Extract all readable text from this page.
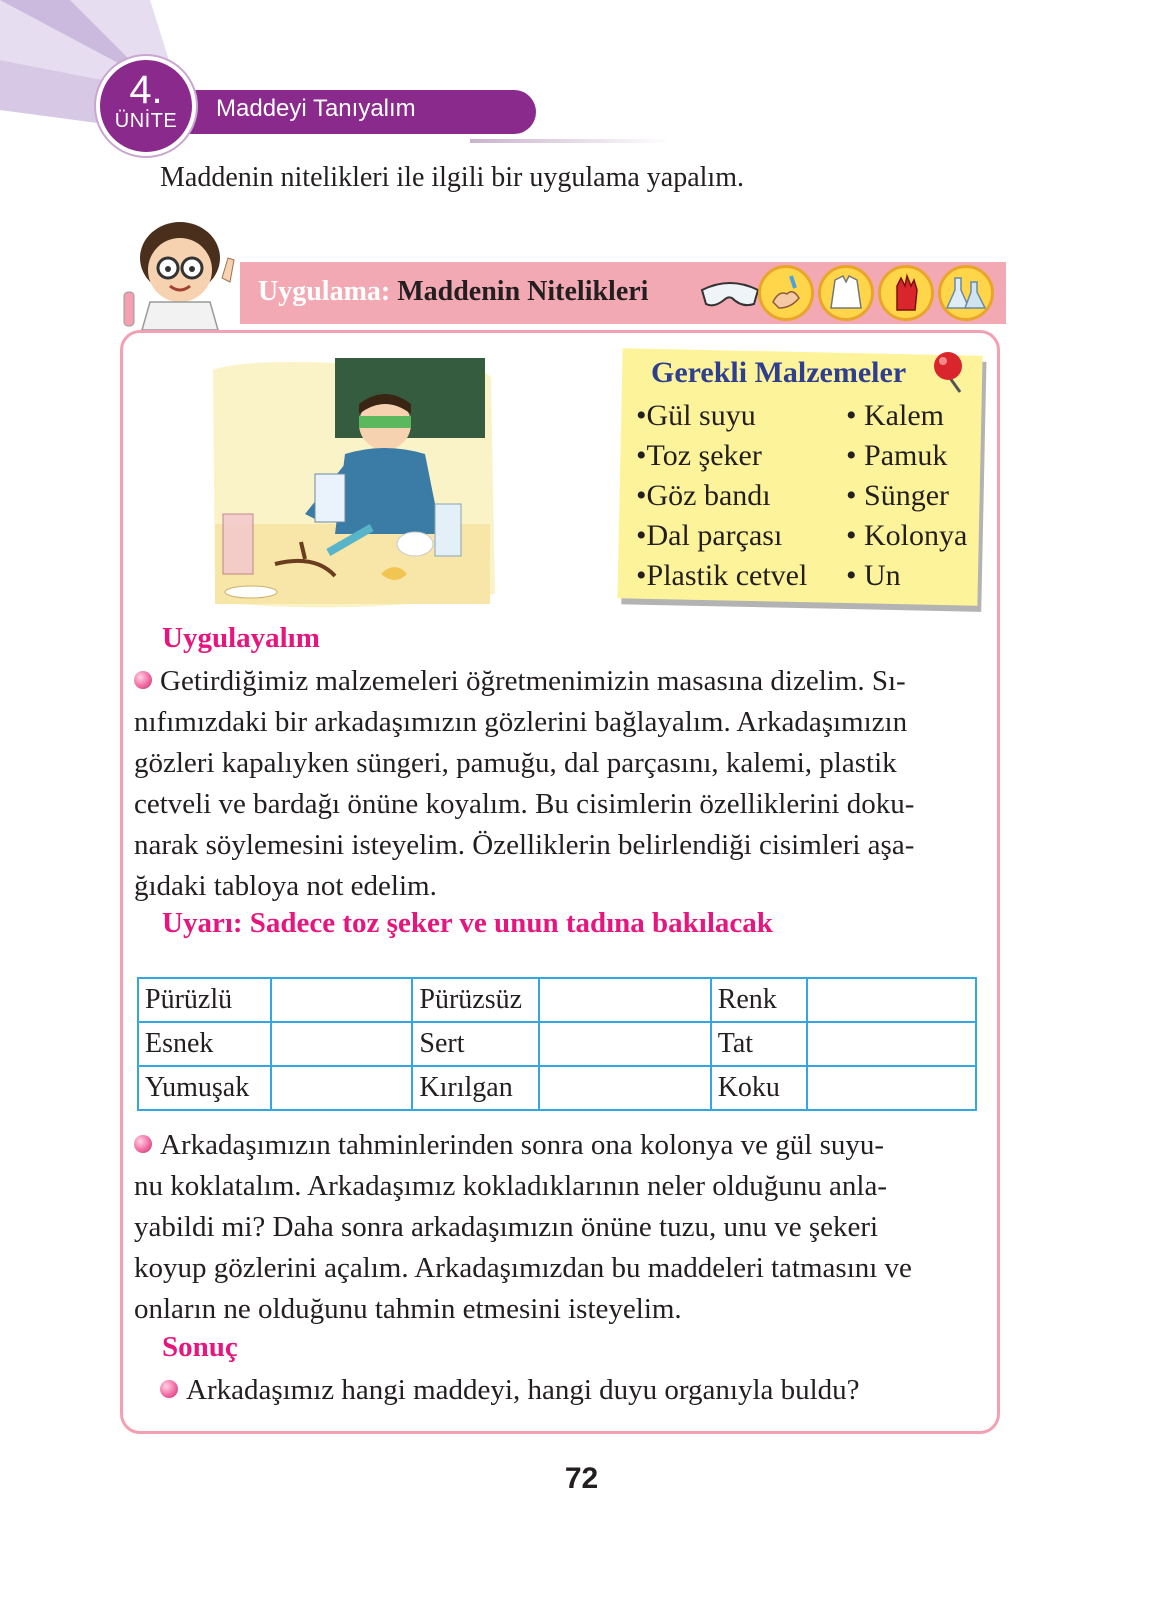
Maddeyi Tanıyalım
4.
ÜNİTE
Maddenin nitelikleri ile ilgili bir uygulama yapalım.
Uygulama: Maddenin Nitelikleri
Gerekli Malzemeler
•Gül suyu
•Toz şeker
•Göz bandı
•Dal parçası
•Plastik cetvel
• Kalem
• Pamuk
• Sünger
• Kolonya
• Un
Uygulayalım
Getirdiğimiz malzemeleri öğretmenimizin masasına dizelim. Sı-
nıfımızdaki bir arkadaşımızın gözlerini bağlayalım. Arkadaşımızın
gözleri kapalıyken süngeri, pamuğu, dal parçasını, kalemi, plastik
cetveli ve bardağı önüne koyalım. Bu cisimlerin özelliklerini doku-
narak söylemesini isteyelim. Özelliklerin belirlendiği cisimleri aşa-
ğıdaki tabloya not edelim.
Uyarı: Sadece toz şeker ve unun tadına bakılacak
Pürüzlü		Pürüzsüz		Renk	
Esnek		Sert		Tat	
Yumuşak		Kırılgan		Koku	
Arkadaşımızın tahminlerinden sonra ona kolonya ve gül suyu-
nu koklatalım. Arkadaşımız kokladıklarının neler olduğunu anla-
yabildi mi? Daha sonra arkadaşımızın önüne tuzu, unu ve şekeri
koyup gözlerini açalım. Arkadaşımızdan bu maddeleri tatmasını ve
onların ne olduğunu tahmin etmesini isteyelim.
Sonuç
Arkadaşımız hangi maddeyi, hangi duyu organıyla buldu?
72
